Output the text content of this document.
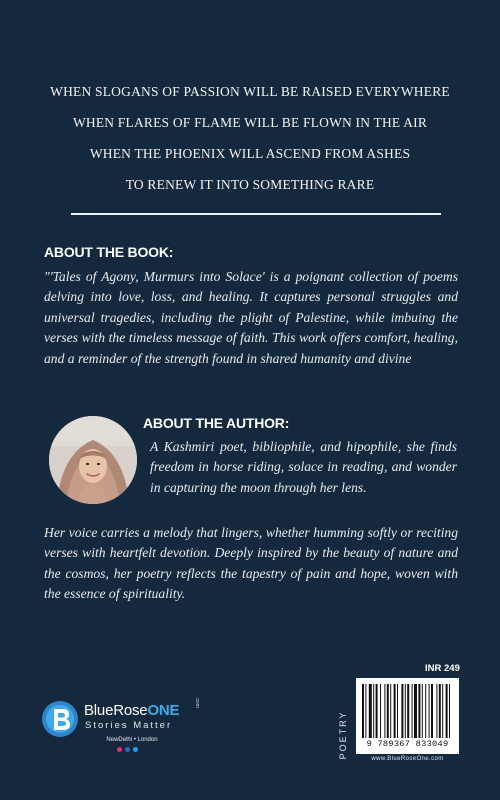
WHEN SLOGANS OF PASSION WILL BE RAISED EVERYWHERE
WHEN FLARES OF FLAME WILL BE FLOWN IN THE AIR
WHEN THE PHOENIX WILL ASCEND FROM ASHES
TO RENEW IT INTO SOMETHING RARE
ABOUT THE BOOK:
"'Tales of Agony, Murmurs into Solace' is a poignant collection of poems delving into love, loss, and healing. It captures personal struggles and universal tragedies, including the plight of Palestine, while imbuing the verses with the timeless message of faith. This work offers comfort, healing, and a reminder of the strength found in shared humanity and divine
ABOUT THE AUTHOR:
A Kashmiri poet, bibliophile, and hipophile, she finds freedom in horse riding, solace in reading, and wonder in capturing the moon through her lens.
Her voice carries a melody that lingers, whether humming softly or reciting verses with heartfelt devotion. Deeply inspired by the beauty of nature and the cosmos, her poetry reflects the tapestry of pain and hope, woven with the essence of spirituality.
INR 249
POETRY	9 789367 833049
www.BlueRoseOne.com
BlueRoseONE	.com
Stories Matter
NewDelhi • London
